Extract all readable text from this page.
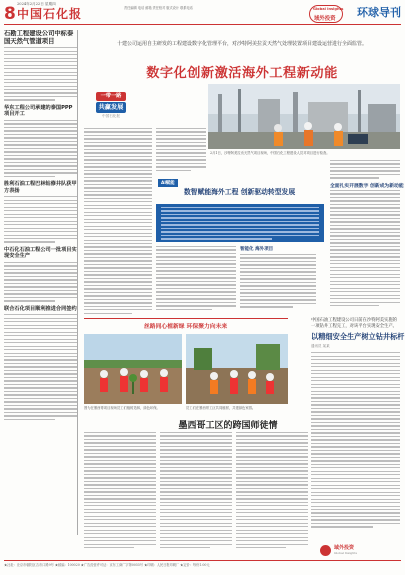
8 中国石化报
2024年2月22日 星期四
责任编辑 电话 邮箱 责任校对 版式设计 联系电话	Global Insights
域外投资 环球导刊
石勘工程建设公司中标泰国天然气管道项目
华东工程公司承建的泰国PPP项目开工
胜利石油工程巴林钻修井队获甲方表扬
中石化石油工程公司一批项目实现安全生产
联合石化项目顺利推进合同签约
十建公司运用自主研发的工程建设数字化管理平台，对沙特阿美拉贡天然气处理装置项目建设运营进行全面监管。
数字化创新激活海外工程新动能
一带一路
共赢发展
中国石化报
2月1日，沙特阿美拉贡天然气项目现场，中国石化工程建设人员对项目进行检查。
AI赋能
数智赋能海外工程 创新驱动转型发展
智能化 海外项目
全面扎实开展数字 创新成为新动能
丝路同心植新绿 环保聚力向未来
图为在墨西哥项目现场员工们植树造林，绿色环保。	员工们在墨西哥工区共同植树，共建绿色家园。
中国石油工程建设公司日前在沙特阿美实施的一项钻井工程完工，对该平台实现安全生产。
以精细安全生产树立钻井标杆
通讯员 某某
墨西哥工区的跨国师徒情
域外投资
Global Insights
★社址：北京市朝阳区吉市口路9号 ★邮编：100020 ★广告经营许可证：京东工商广字第0055号 ★印刷：人民日报印刷厂 ★定价：每份1.00元
